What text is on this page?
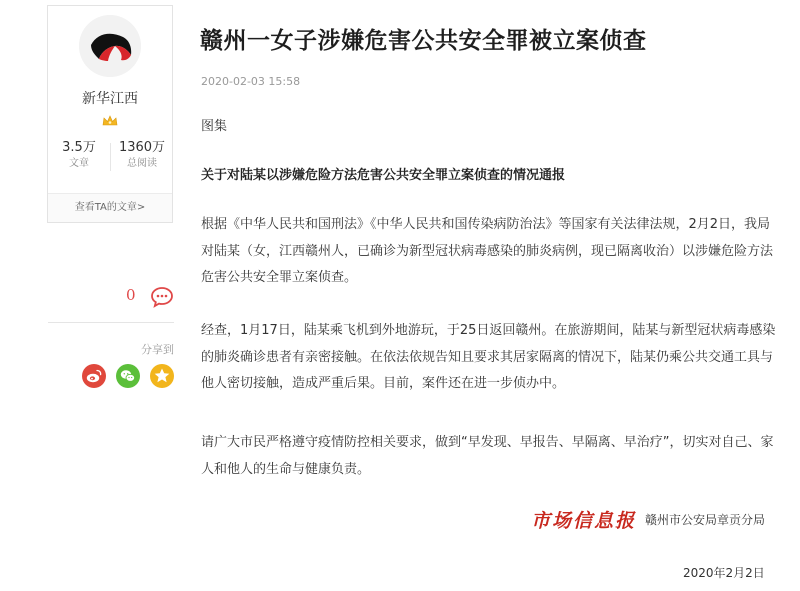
新华江西
3.5万
文章
1360万
总阅读
查看TA的文章>
0
分享到
赣州一女子涉嫌危害公共安全罪被立案侦查
2020-02-03 15:58
图集
关于对陆某以涉嫌危险方法危害公共安全罪立案侦查的情况通报

根据《中华人民共和国刑法》《中华人民共和国传染病防治法》等国家有关法律法规，2月2日，我局对陆某（女，江西赣州人，已确诊为新型冠状病毒感染的肺炎病例，现已隔离收治）以涉嫌危险方法危害公共安全罪立案侦查。

经查，1月17日，陆某乘飞机到外地游玩，于25日返回赣州。在旅游期间，陆某与新型冠状病毒感染的肺炎确诊患者有亲密接触。在依法依规告知且要求其居家隔离的情况下，陆某仍乘公共交通工具与他人密切接触，造成严重后果。目前，案件还在进一步侦办中。

请广大市民严格遵守疫情防控相关要求，做到“早发现、早报告、早隔离、早治疗”，切实对自己、家人和他人的生命与健康负责。

市场信息报 赣州市公安局章贡分局
2020年2月2日
